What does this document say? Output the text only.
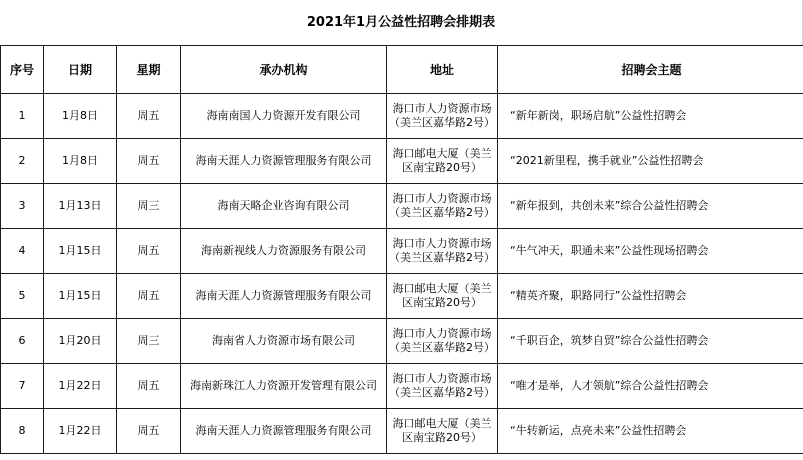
2021年1月公益性招聘会排期表
序号	日期	星期	承办机构	地址	招聘会主题
1	1月8日	周五	海南南国人力资源开发有限公司	海口市人力资源市场（美兰区嘉华路2号）	“新年新岗，职场启航”公益性招聘会
2	1月8日	周五	海南天涯人力资源管理服务有限公司	海口邮电大厦（美兰区南宝路20号）	“2021新里程，携手就业”公益性招聘会
3	1月13日	周三	海南天略企业咨询有限公司	海口市人力资源市场（美兰区嘉华路2号）	“新年报到，共创未来”综合公益性招聘会
4	1月15日	周五	海南新视线人力资源服务有限公司	海口市人力资源市场（美兰区嘉华路2号）	“牛气冲天，职通未来”公益性现场招聘会
5	1月15日	周五	海南天涯人力资源管理服务有限公司	海口邮电大厦（美兰区南宝路20号）	“精英齐聚，职路同行”公益性招聘会
6	1月20日	周三	海南省人力资源市场有限公司	海口市人力资源市场（美兰区嘉华路2号）	“千职百企，筑梦自贸”综合公益性招聘会
7	1月22日	周五	海南新珠江人力资源开发管理有限公司	海口市人力资源市场（美兰区嘉华路2号）	“唯才是举，人才领航”综合公益性招聘会
8	1月22日	周五	海南天涯人力资源管理服务有限公司	海口邮电大厦（美兰区南宝路20号）	“牛转新运，点亮未来”公益性招聘会
